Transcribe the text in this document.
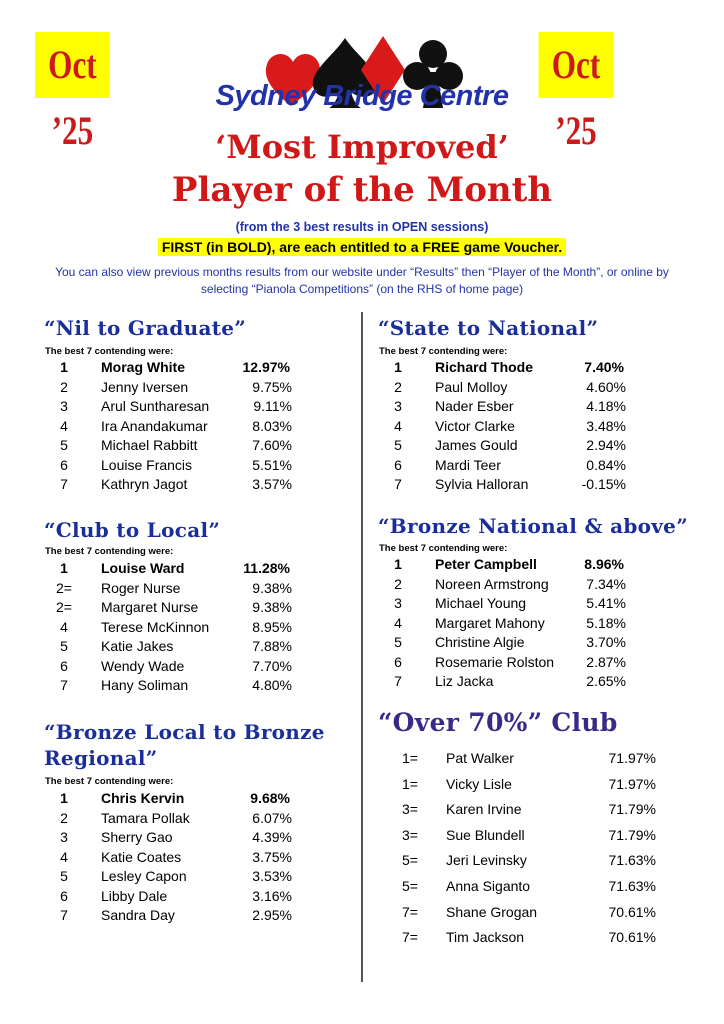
Oct ’25
Oct ’25
Sydney Bridge Centre
‘Most Improved’
Player of the Month
(from the 3 best results in OPEN sessions)
FIRST (in BOLD), are each entitled to a FREE game Voucher.
You can also view previous months results from our website under “Results” then “Player of the Month”, or online by selecting “Pianola Competitions” (on the RHS of home page)
“Nil to Graduate”
The best 7 contending were:
1	Morag White	12.97%
2	Jenny Iversen	9.75%
3	Arul Suntharesan	9.11%
4	Ira Anandakumar	8.03%
5	Michael Rabbitt	7.60%
6	Louise Francis	5.51%
7	Kathryn Jagot	3.57%
“Club to Local”
The best 7 contending were:
1	Louise Ward	11.28%
2=	Roger Nurse	9.38%
2=	Margaret Nurse	9.38%
4	Terese McKinnon	8.95%
5	Katie Jakes	7.88%
6	Wendy Wade	7.70%
7	Hany Soliman	4.80%
“Bronze Local to Bronze
Regional”
The best 7 contending were:
1	Chris Kervin	9.68%
2	Tamara Pollak	6.07%
3	Sherry Gao	4.39%
4	Katie Coates	3.75%
5	Lesley Capon	3.53%
6	Libby Dale	3.16%
7	Sandra Day	2.95%
“State to National”
The best 7 contending were:
1	Richard Thode	7.40%
2	Paul Molloy	4.60%
3	Nader Esber	4.18%
4	Victor Clarke	3.48%
5	James Gould	2.94%
6	Mardi Teer	0.84%
7	Sylvia Halloran	-0.15%
“Bronze National & above”
The best 7 contending were:
1	Peter Campbell	8.96%
2	Noreen Armstrong	7.34%
3	Michael Young	5.41%
4	Margaret Mahony	5.18%
5	Christine Algie	3.70%
6	Rosemarie Rolston 2.87%
7	Liz Jacka	2.65%
“Over 70%” Club
1=	Pat Walker	71.97%
1=	Vicky Lisle	71.97%
3=	Karen Irvine	71.79%
3=	Sue Blundell	71.79%
5=	Jeri Levinsky	71.63%
5=	Anna Siganto	71.63%
7=	Shane Grogan	70.61%
7=	Tim Jackson	70.61%
